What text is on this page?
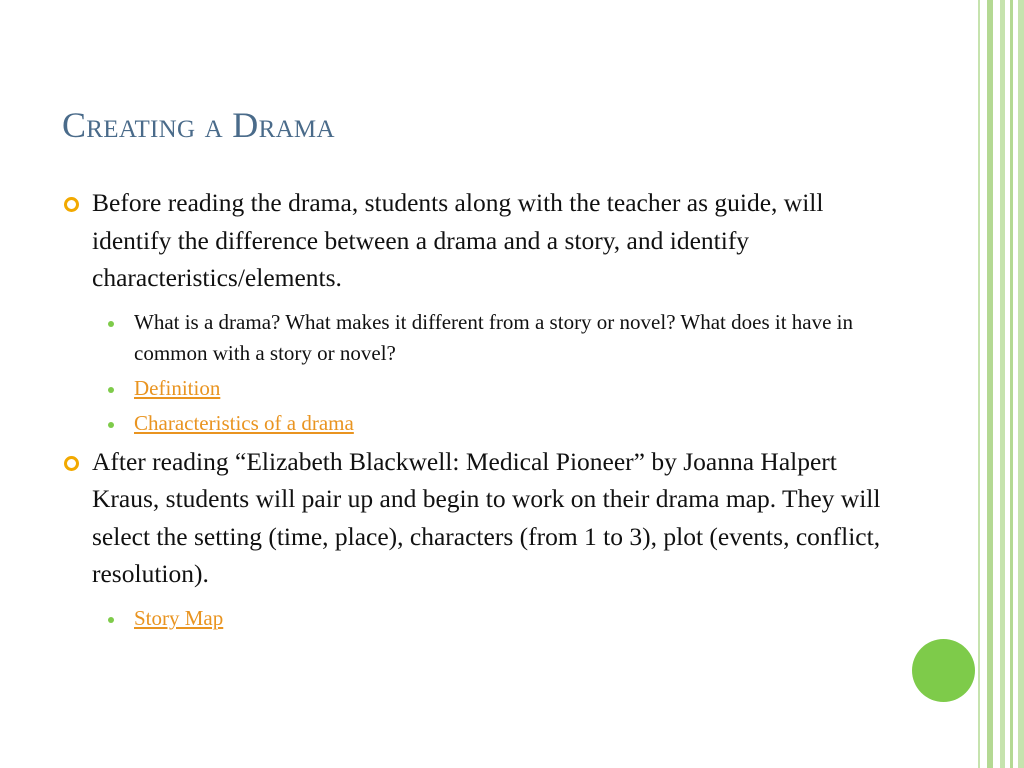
Creating a Drama

Before reading the drama, students along with the teacher as guide, will identify the difference between a drama and a story, and identify characteristics/elements.

What is a drama? What makes it different from a story or novel? What does it have in common with a story or novel?

Definition

Characteristics of a drama

After reading “Elizabeth Blackwell: Medical Pioneer” by Joanna Halpert Kraus, students will pair up and begin to work on their drama map. They will select the setting (time, place), characters (from 1 to 3), plot (events, conflict, resolution).

Story Map
